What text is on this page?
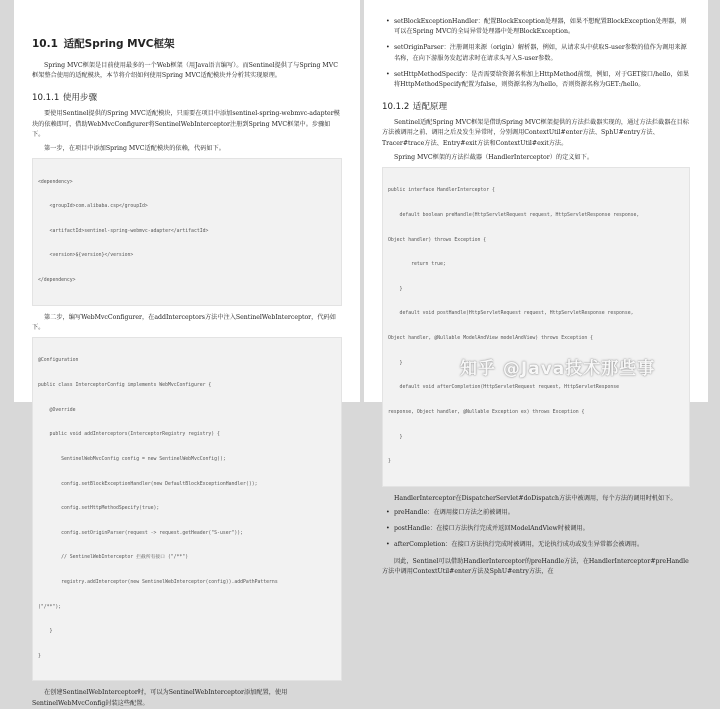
10.1 适配Spring MVC框架

Spring MVC框架是目前使用最多的一个Web框架（用Java语言编写）。而Sentinel提供了与Spring MVC框架整合使用的适配模块，本节将介绍如何使用Spring MVC适配模块并分析其实现原理。

10.1.1 使用步骤

要使用Sentinel提供的Spring MVC适配模块，只需要在项目中添加sentinel-spring-webmvc-adapter模块的依赖即可，借助WebMvcConfigurer将SentinelWebInterceptor注册到Spring MVC框架中。步骤如下。

第一步，在项目中添加Spring MVC适配模块的依赖，代码如下。

<dependency>

<groupId>com.alibaba.csp</groupId>

<artifactId>sentinel-spring-webmvc-adapter</artifactId>

<version>${version}</version>

</dependency>

第二步，编写WebMvcConfigurer，在addInterceptors方法中注入SentinelWebInterceptor，代码如下。

@Configuration

public class InterceptorConfig implements WebMvcConfigurer {

@Override

public void addInterceptors(InterceptorRegistry registry) {

SentinelWebMvcConfig config = new SentinelWebMvcConfig();

config.setBlockExceptionHandler(new DefaultBlockExceptionHandler());

config.setHttpMethodSpecify(true);

config.setOriginParser(request -> request.getHeader("S-user"));

// SentinelWebInterceptor 拦截所有接口 ("/**")

registry.addInterceptor(new SentinelWebInterceptor(config)).addPathPatterns

("/**");

}

}

在创建SentinelWebInterceptor时，可以为SentinelWebInterceptor添加配置，使用SentinelWebMvcConfig封装这些配置。

• setBlockExceptionHandler：配置BlockException处理器，如果不想配置BlockException处理器，则可以在Spring MVC的全局异常处理器中处理BlockException。
• setOriginParser：注册调用来源（origin）解析器，例如，从请求头中获取S-user参数的值作为调用来源名称，在向下游服务发起请求时在请求头写入S-user参数。
• setHttpMethodSpecify：是否需要给资源名称加上HttpMethod前缀，例如，对于GET接口/hello，如果将HttpMethodSpecify配置为false，则资源名称为/hello，否则资源名称为GET:/hello。
10.1.2 适配原理

Sentinel适配Spring MVC框架是借助Spring MVC框架提供的方法拦截器实现的，通过方法拦截器在目标方法被调用之前、调用之后及发生异常时，分别调用ContextUtil#enter方法、SphU#entry方法、Tracer#trace方法、Entry#exit方法和ContextUtil#exit方法。

Spring MVC框架的方法拦截器（HandlerInterceptor）的定义如下。

public interface HandlerInterceptor {

default boolean preHandle(HttpServletRequest request, HttpServletResponse response,

Object handler) throws Exception {

return true;

}

default void postHandle(HttpServletRequest request, HttpServletResponse response,

Object handler, @Nullable ModelAndView modelAndView) throws Exception {

}

default void afterCompletion(HttpServletRequest request, HttpServletResponse

response, Object handler, @Nullable Exception ex) throws Exception {

}

}

HandlerInterceptor在DispatcherServlet#doDispatch方法中被调用，每个方法的调用时机如下。

• preHandle：在调用接口方法之前被调用。
• postHandle：在接口方法执行完成并返回ModelAndView时被调用。
• afterCompletion：在接口方法执行完成时被调用，无论执行成功或发生异常都会被调用。

因此，Sentinel可以借助HandlerInterceptor的preHandle方法，在HandlerInterceptor#preHandle方法中调用ContextUtil#enter方法及SphU#entry方法，在

知乎 @Java技术那些事
